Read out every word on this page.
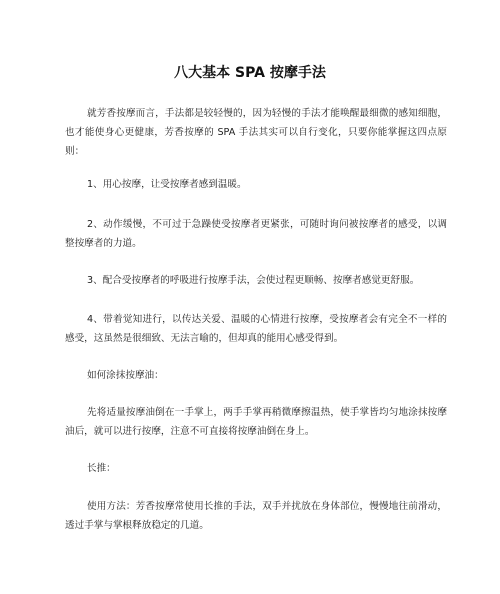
八大基本 SPA 按摩手法

就芳香按摩而言，手法都是较轻慢的，因为轻慢的手法才能唤醒最细微的感知细胞，也才能使身心更健康，芳香按摩的 SPA 手法其实可以自行变化，只要你能掌握这四点原则：

1、用心按摩，让受按摩者感到温暖。

2、动作缓慢，不可过于急躁使受按摩者更紧张，可随时询问被按摩者的感受，以调整按摩者的力道。

3、配合受按摩者的呼吸进行按摩手法，会使过程更顺畅、按摩者感觉更舒服。

4、带着觉知进行，以传达关爱、温暖的心情进行按摩，受按摩者会有完全不一样的感受，这虽然是很细致、无法言喻的，但却真的能用心感受得到。

如何涂抹按摩油：

先将适量按摩油倒在一手掌上，两手手掌再稍微摩擦温热，使手掌皆均匀地涂抹按摩油后，就可以进行按摩，注意不可直接将按摩油倒在身上。

长推：

使用方法：芳香按摩常使用长推的手法，双手并扰放在身体部位，慢慢地往前滑动，透过手掌与掌根释放稳定的几道。
